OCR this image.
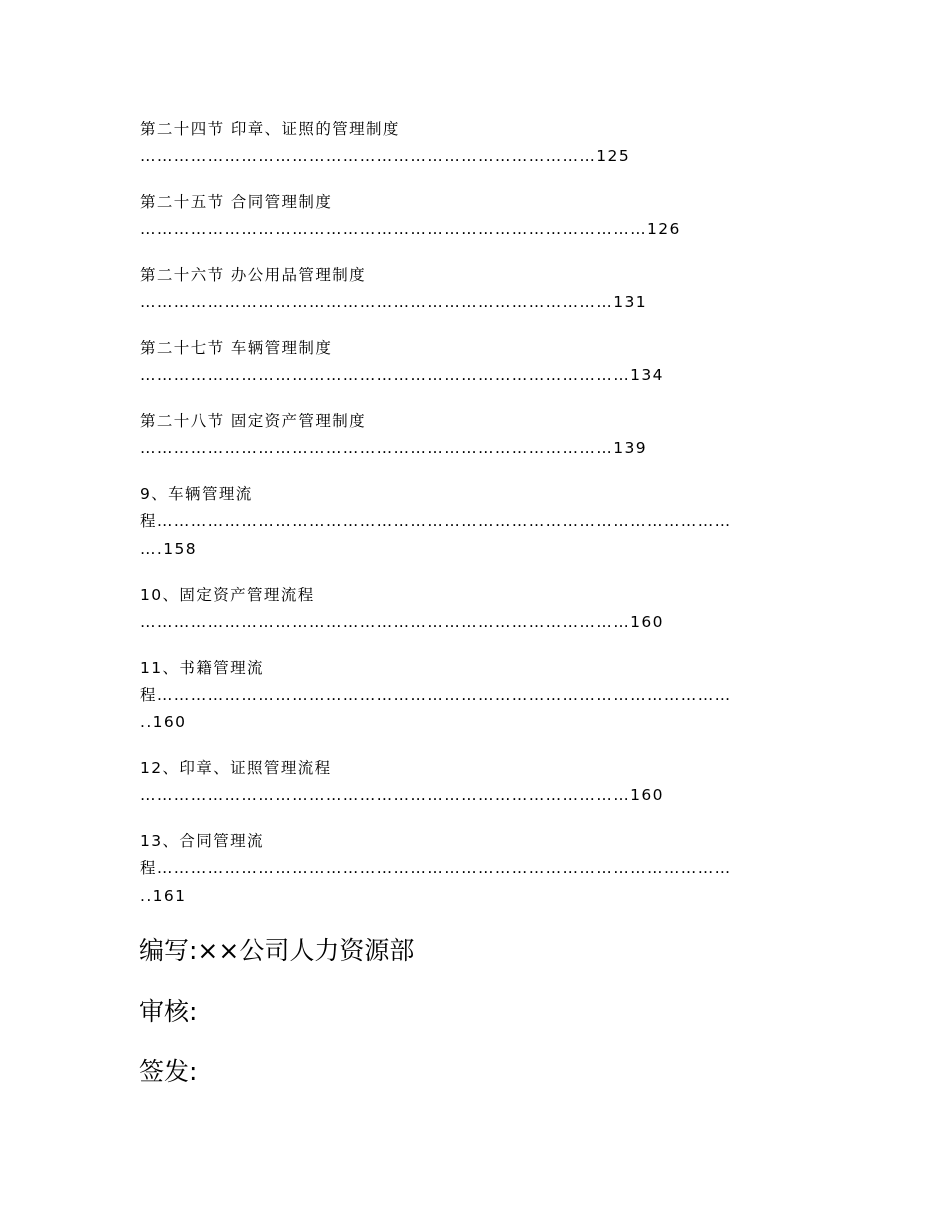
第二十四节 印章、证照的管理制度

………………………………………………………………………125

第二十五节 合同管理制度

………………………………………………………………………………126

第二十六节 办公用品管理制度

…………………………………………………………………………131

第二十七节 车辆管理制度

……………………………………………………………………………134

第二十八节 固定资产管理制度

…………………………………………………………………………139

9、车辆管理流

程…………………………………………………………………………………………

….158

10、固定资产管理流程

……………………………………………………………………………160

11、书籍管理流

程…………………………………………………………………………………………

..160

12、印章、证照管理流程

……………………………………………………………………………160

13、合同管理流

程…………………………………………………………………………………………

..161

编写:××公司人力资源部

审核:

签发:
